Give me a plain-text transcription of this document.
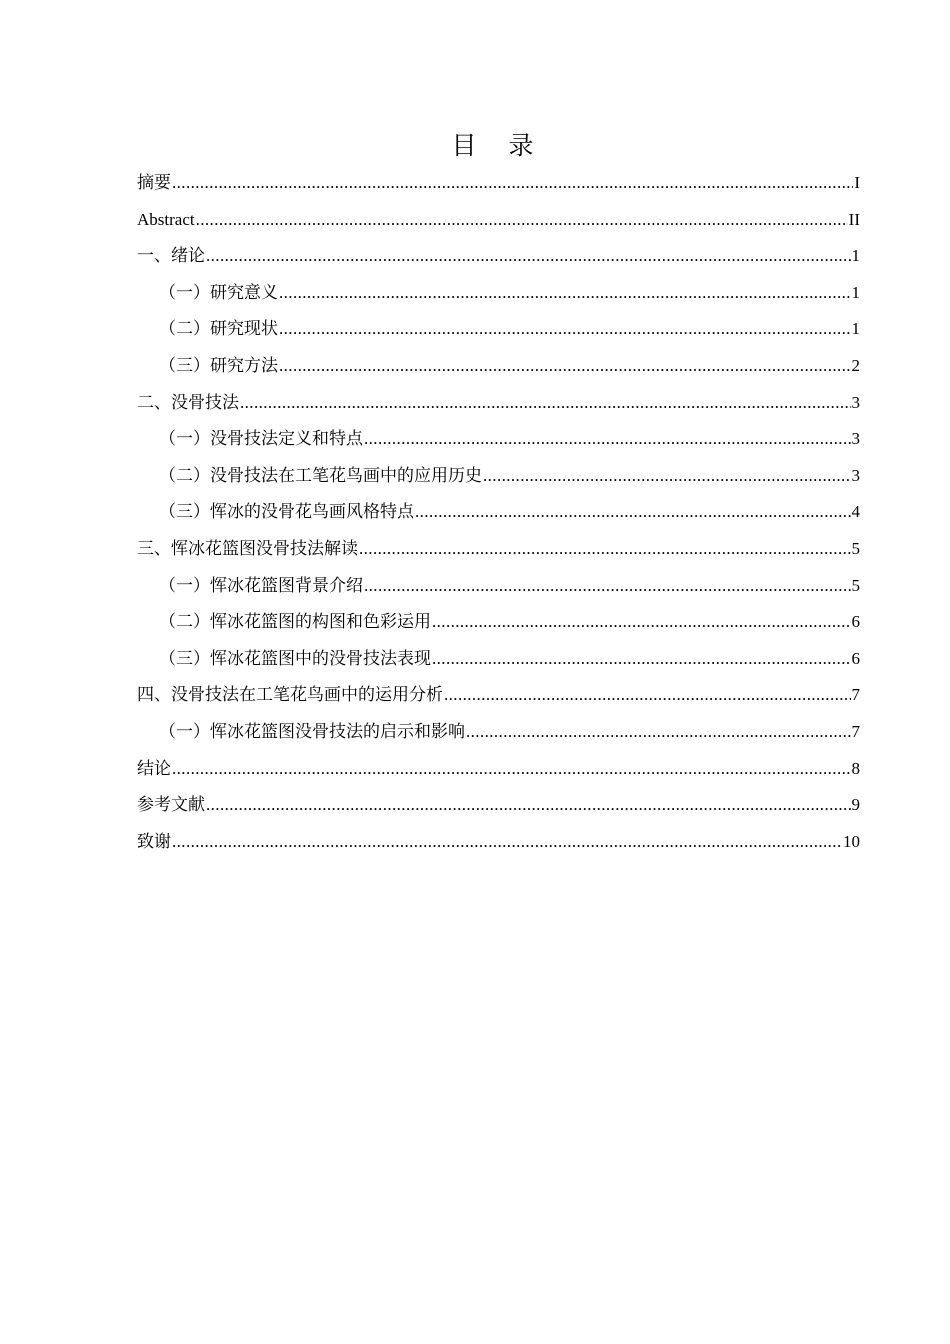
目 录
摘要 .....	I
Abstract .....	II
一、绪论 .....	1
（一）研究意义 .....	1
（二）研究现状 .....	1
（三）研究方法 .....	2
二、没骨技法 .....	3
（一）没骨技法定义和特点 .....	3
（二）没骨技法在工笔花鸟画中的应用历史 .....	3
（三）恽冰的没骨花鸟画风格特点 .....	4
三、恽冰花篮图没骨技法解读 .....	5
（一）恽冰花篮图背景介绍 .....	5
（二）恽冰花篮图的构图和色彩运用 .....	6
（三）恽冰花篮图中的没骨技法表现 .....	6
四、没骨技法在工笔花鸟画中的运用分析 .....	7
（一）恽冰花篮图没骨技法的启示和影响 .....	7
结论 .....	8
参考文献 .....	9
致谢 .....	10
